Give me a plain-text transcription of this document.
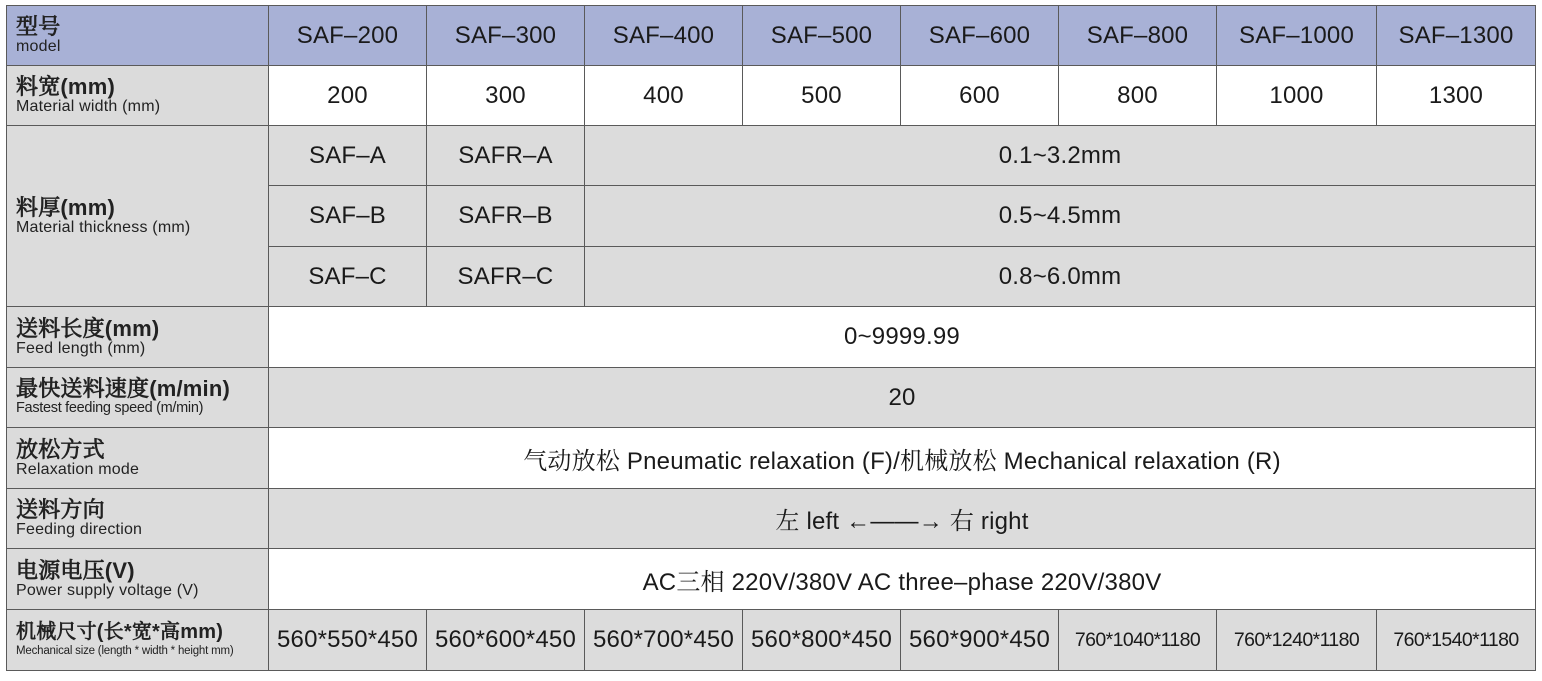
型号
model	SAF–200	SAF–300	SAF–400	SAF–500	SAF–600	SAF–800	SAF–1000	SAF–1300

料宽(mm)
Material width (mm)	200	300	400	500	600	800	1000	1300

料厚(mm)
Material thickness (mm)	SAF–A	SAFR–A	0.1~3.2mm					
	SAF–B	SAFR–B	0.5~4.5mm					
	SAF–C	SAFR–C	0.8~6.0mm					

送料长度(mm)
Feed length (mm)	0~9999.99							

最快送料速度(m/min)
Fastest feeding speed (m/min)	20							

放松方式
Relaxation mode	气动放松 Pneumatic relaxation (F)/机械放松 Mechanical relaxation (R)							

送料方向
Feeding direction	左 left ←——→ 右 right							

电源电压(V)
Power supply voltage (V)	AC三相 220V/380V AC three–phase 220V/380V							

机械尺寸(长*宽*高mm)
Mechanical size (length * width * height mm)	560*550*450	560*600*450	560*700*450	560*800*450	560*900*450	760*1040*1180	760*1240*1180	760*1540*1180
